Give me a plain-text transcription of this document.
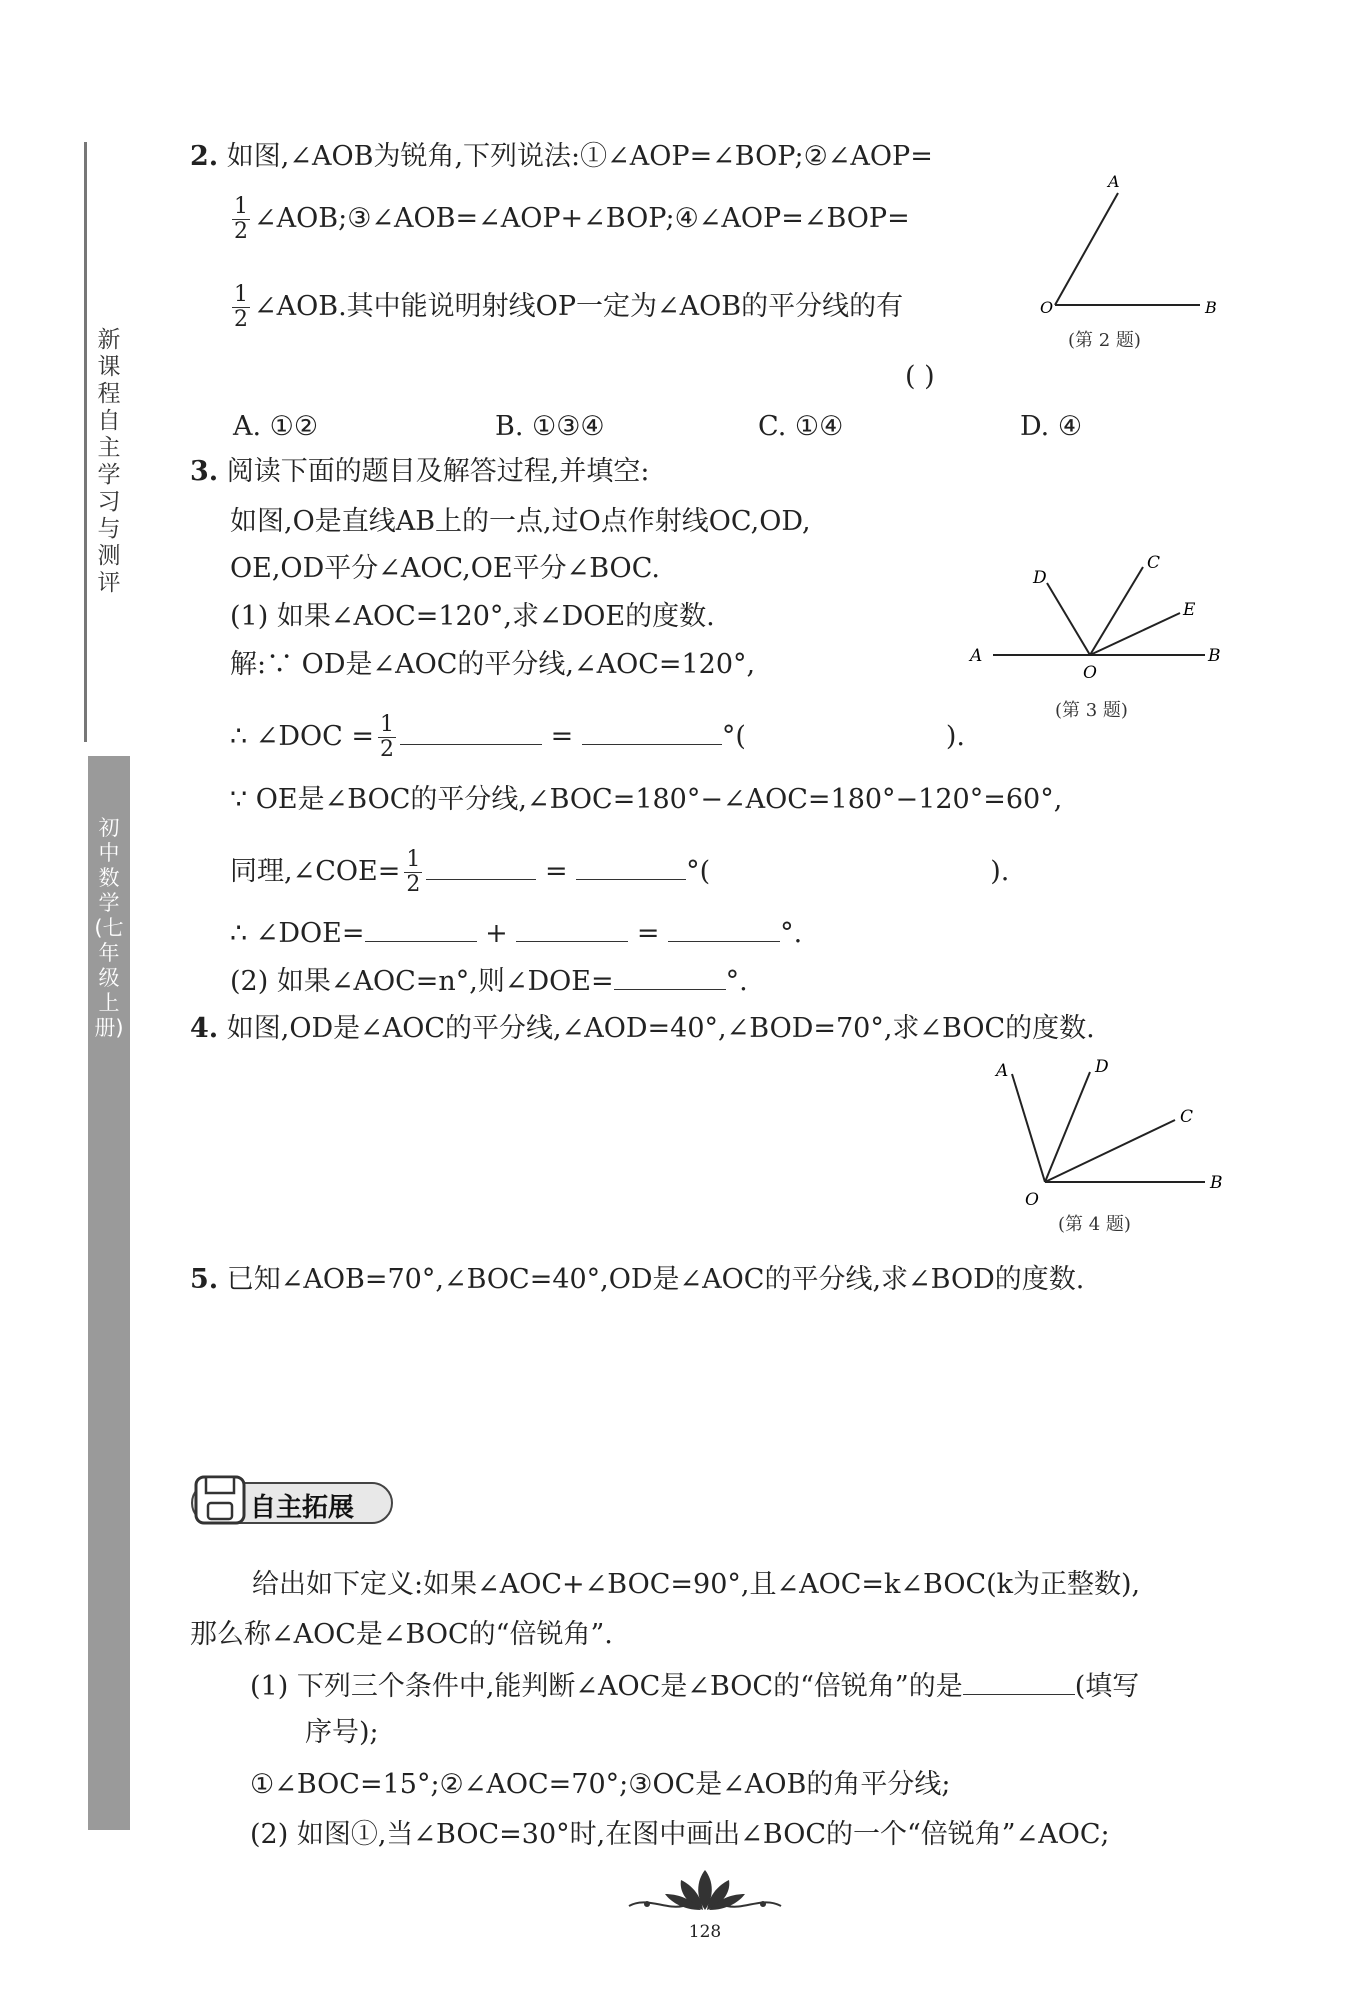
新课程自主学习与测评
初中数学(七年级上册)
2. 如图,∠AOB为锐角,下列说法:①∠AOP=∠BOP;②∠AOP=
$\frac{1}{2}$ ∠AOB;③∠AOB=∠AOP+∠BOP;④∠AOP=∠BOP=
$\frac{1}{2}$ ∠AOB.其中能说明射线OP一定为∠AOB的平分线的有
( )
A. ①②	B. ①③④	C. ①④	D. ④
A
O	B
(第 2 题)
3. 阅读下面的题目及解答过程,并填空:
如图,O是直线AB上的一点,过O点作射线OC,OD,
OE,OD平分∠AOC,OE平分∠BOC.
(1) 如果∠AOC=120°,求∠DOE的度数.
解:∵ OD是∠AOC的平分线,∠AOC=120°,
∴ ∠DOC = $\frac{1}{2}$	=	°(	).
∵ OE是∠BOC的平分线,∠BOC=180°−∠AOC=180°−120°=60°,
同理,∠COE= $\frac{1}{2}$	=	°(	).
∴ ∠DOE=	+	=	°.
(2) 如果∠AOC=n°,则∠DOE=	°.
A	B
C
D
E
O
(第 3 题)
4. 如图,OD是∠AOC的平分线,∠AOD=40°,∠BOD=70°,求∠BOC的度数.
A	D
C
B
O
(第 4 题)
5. 已知∠AOB=70°,∠BOC=40°,OD是∠AOC的平分线,求∠BOD的度数.
自主拓展
给出如下定义:如果∠AOC+∠BOC=90°,且∠AOC=k∠BOC(k为正整数),
那么称∠AOC是∠BOC的“倍锐角”.
(1) 下列三个条件中,能判断∠AOC是∠BOC的“倍锐角”的是	(填写
序号);
①∠BOC=15°;②∠AOC=70°;③OC是∠AOB的角平分线;
(2) 如图①,当∠BOC=30°时,在图中画出∠BOC的一个“倍锐角”∠AOC;
128
